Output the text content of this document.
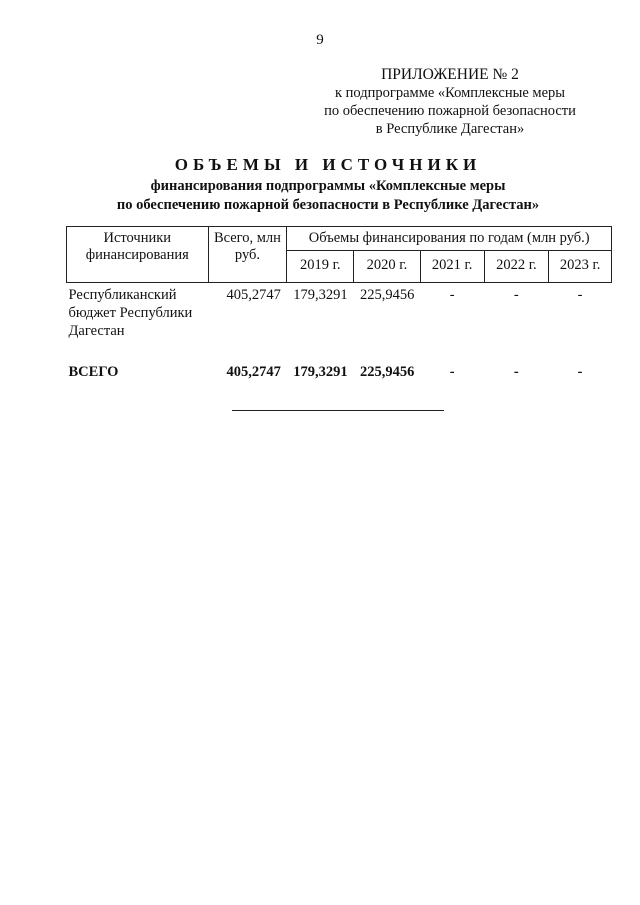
9
ПРИЛОЖЕНИЕ № 2
к подпрограмме «Комплексные меры
по обеспечению пожарной безопасности
в Республике Дагестан»
ОБЪЕМЫ И ИСТОЧНИКИ
финансирования подпрограммы «Комплексные меры
по обеспечению пожарной безопасности в Республике Дагестан»
Источники финансирования	Всего, млн руб.	Объемы финансирования по годам (млн руб.)				
		2019 г.	2020 г.	2021 г.	2022 г.	2023 г.
Республиканский бюджет Республики Дагестан	405,2747	179,3291	225,9456	-	-	-
ВСЕГО	405,2747	179,3291	225,9456	-	-	-
